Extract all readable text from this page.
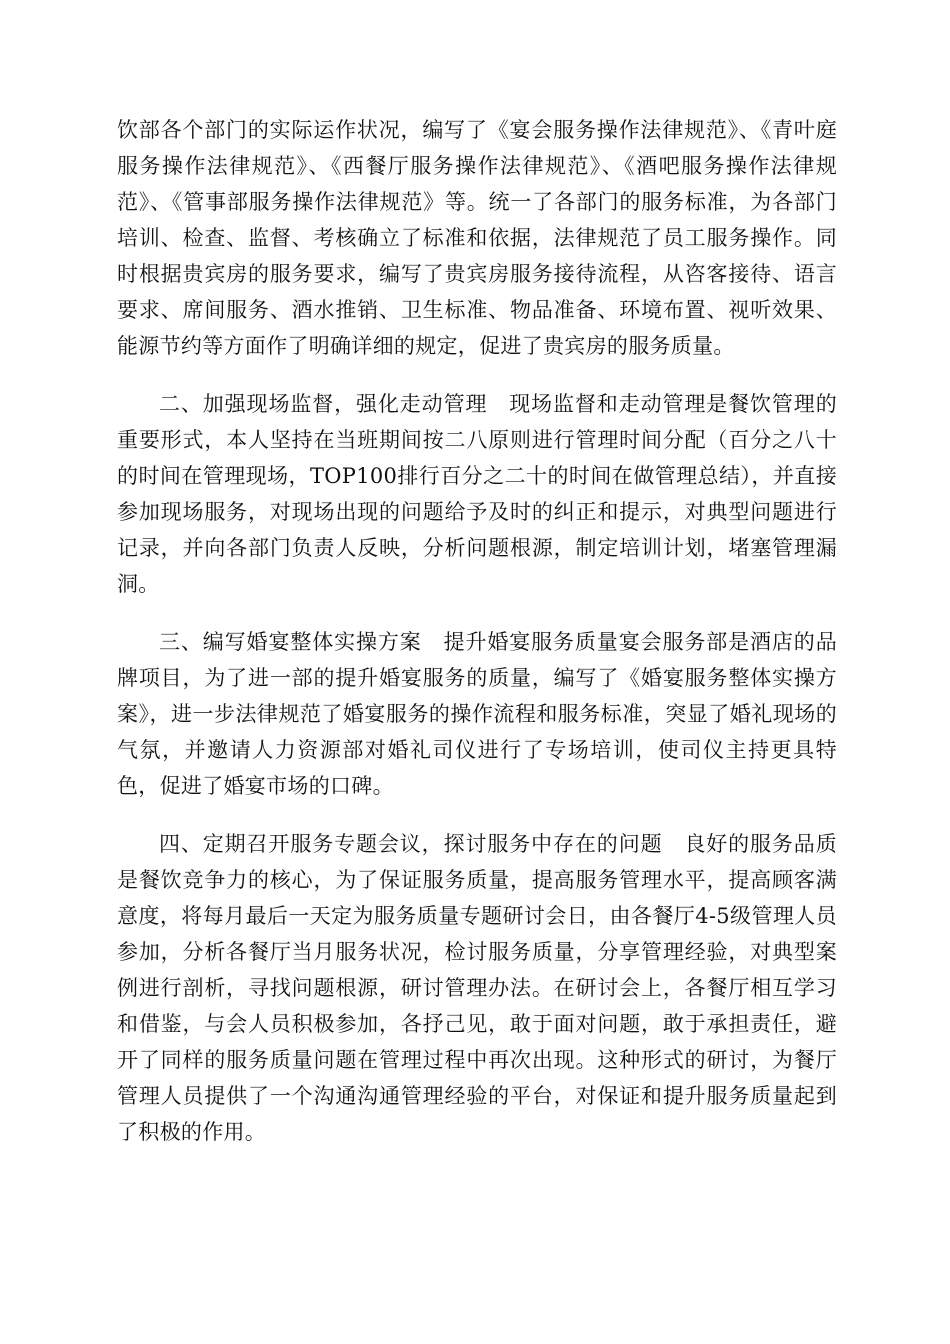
饮部各个部门的实际运作状况，编写了《宴会服务操作法律规范》、《青叶庭服务操作法律规范》、《西餐厅服务操作法律规范》、《酒吧服务操作法律规范》、《管事部服务操作法律规范》等。统一了各部门的服务标准，为各部门培训、检查、监督、考核确立了标准和依据，法律规范了员工服务操作。同时根据贵宾房的服务要求，编写了贵宾房服务接待流程，从咨客接待、语言要求、席间服务、酒水推销、卫生标准、物品准备、环境布置、视听效果、能源节约等方面作了明确详细的规定，促进了贵宾房的服务质量。

二、加强现场监督，强化走动管理　现场监督和走动管理是餐饮管理的重要形式，本人坚持在当班期间按二八原则进行管理时间分配（百分之八十的时间在管理现场，TOP100排行百分之二十的时间在做管理总结），并直接参加现场服务，对现场出现的问题给予及时的纠正和提示，对典型问题进行记录，并向各部门负责人反映，分析问题根源，制定培训计划，堵塞管理漏洞。

三、编写婚宴整体实操方案　提升婚宴服务质量宴会服务部是酒店的品牌项目，为了进一部的提升婚宴服务的质量，编写了《婚宴服务整体实操方案》，进一步法律规范了婚宴服务的操作流程和服务标准，突显了婚礼现场的气氛，并邀请人力资源部对婚礼司仪进行了专场培训，使司仪主持更具特色，促进了婚宴市场的口碑。

四、定期召开服务专题会议，探讨服务中存在的问题　良好的服务品质是餐饮竞争力的核心，为了保证服务质量，提高服务管理水平，提高顾客满意度，将每月最后一天定为服务质量专题研讨会日，由各餐厅4-5级管理人员参加，分析各餐厅当月服务状况，检讨服务质量，分享管理经验，对典型案例进行剖析，寻找问题根源，研讨管理办法。在研讨会上，各餐厅相互学习和借鉴，与会人员积极参加，各抒己见，敢于面对问题，敢于承担责任，避开了同样的服务质量问题在管理过程中再次出现。这种形式的研讨，为餐厅管理人员提供了一个沟通沟通管理经验的平台，对保证和提升服务质量起到了积极的作用。
